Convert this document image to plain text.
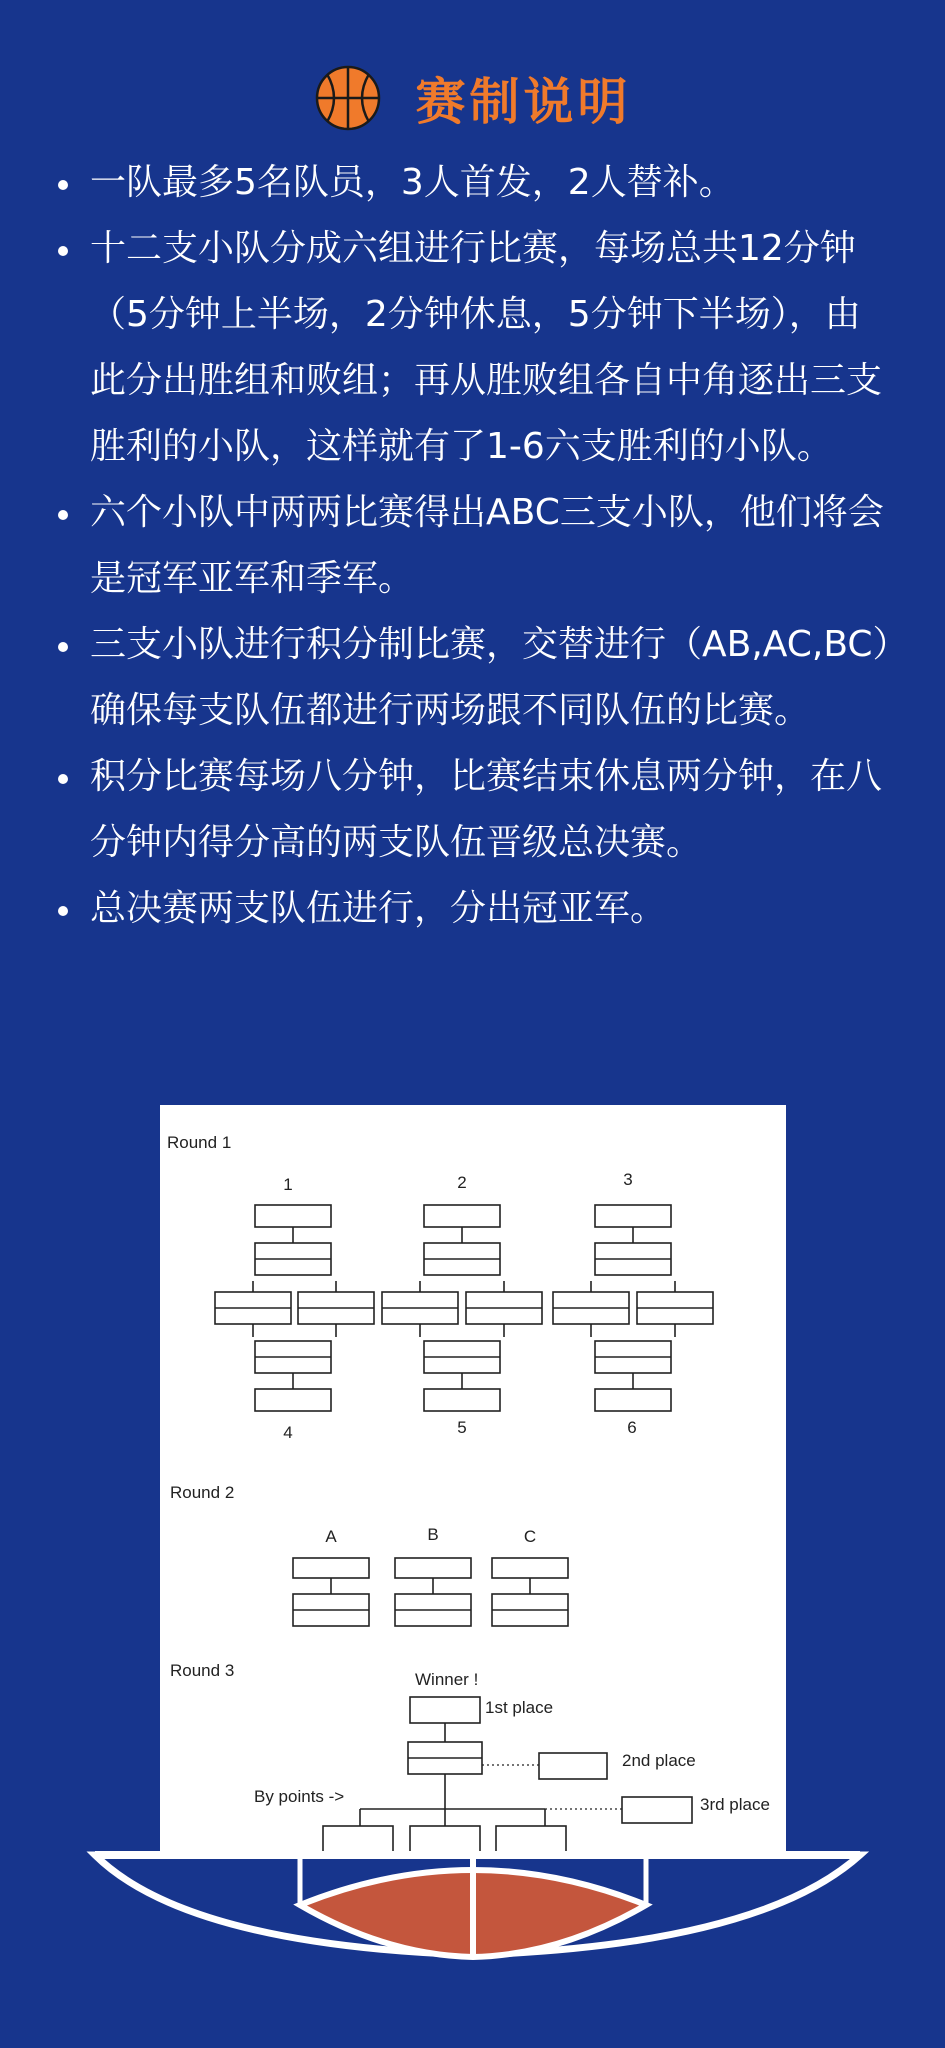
赛制说明
一队最多5名队员，3人首发，2人替补。
十二支小队分成六组进行比赛，每场总共12分钟（5分钟上半场，2分钟休息，5分钟下半场），由此分出胜组和败组；再从胜败组各自中角逐出三支胜利的小队，这样就有了1-6六支胜利的小队。
六个小队中两两比赛得出ABC三支小队，他们将会是冠军亚军和季军。
三支小队进行积分制比赛，交替进行（AB,AC,BC）确保每支队伍都进行两场跟不同队伍的比赛。
积分比赛每场八分钟，比赛结束休息两分钟，在八分钟内得分高的两支队伍晋级总决赛。
总决赛两支队伍进行，分出冠亚军。
Round 1
1	2	3
4	5	6
Round 2
A	B	C
Round 3	Winner !
1st place
2nd place
3rd place
By points ->
